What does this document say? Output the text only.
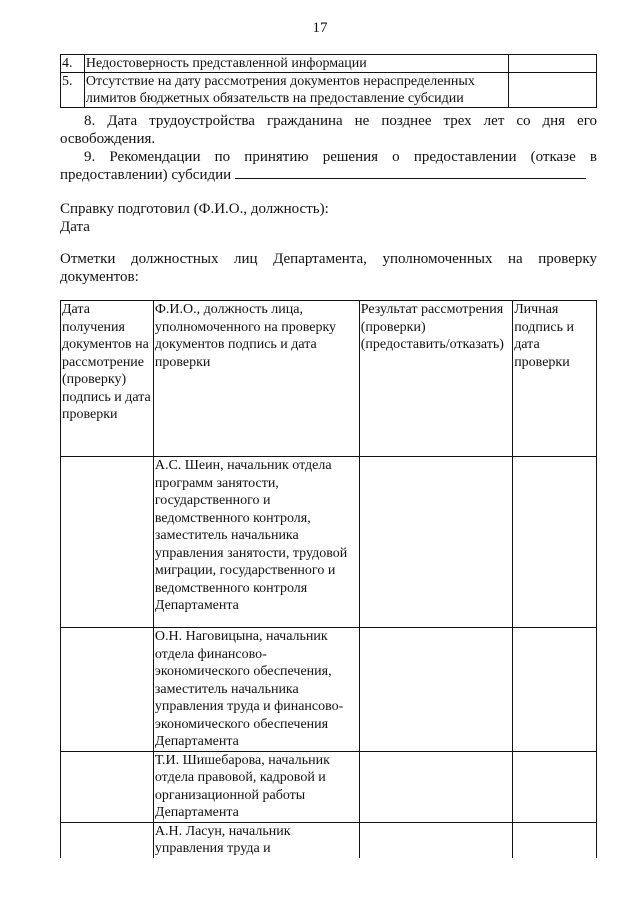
17
4.	Недостоверность представленной информации	
5.	Отсутствие на дату рассмотрения документов нераспределенных лимитов бюджетных обязательств на предоставление субсидии	
8. Дата трудоустройства гражданина не позднее трех лет со дня его освобождения.
9. Рекомендации по принятию решения о предоставлении (отказе в предоставлении) субсидии
Справку подготовил (Ф.И.О., должность):
Дата
Отметки должностных лиц Департамента, уполномоченных на проверку документов:
Дата получения документов на рассмотрение (проверку) подпись и дата проверки	Ф.И.О., должность лица, уполномоченного на проверку документов подпись и дата проверки	Результат рассмотрения (проверки) (предоставить/отказать)	Личная подпись и дата проверки
	А.С. Шеин, начальник отдела программ занятости, государственного и ведомственного контроля, заместитель начальника управления занятости, трудовой миграции, государственного и ведомственного контроля Департамента		
	О.Н. Наговицына, начальник отдела финансово-экономического обеспечения, заместитель начальника управления труда и финансово-экономического обеспечения Департамента		
	Т.И. Шишебарова, начальник отдела правовой, кадровой и организационной работы Департамента		
	А.Н. Ласун, начальник управления труда и		
